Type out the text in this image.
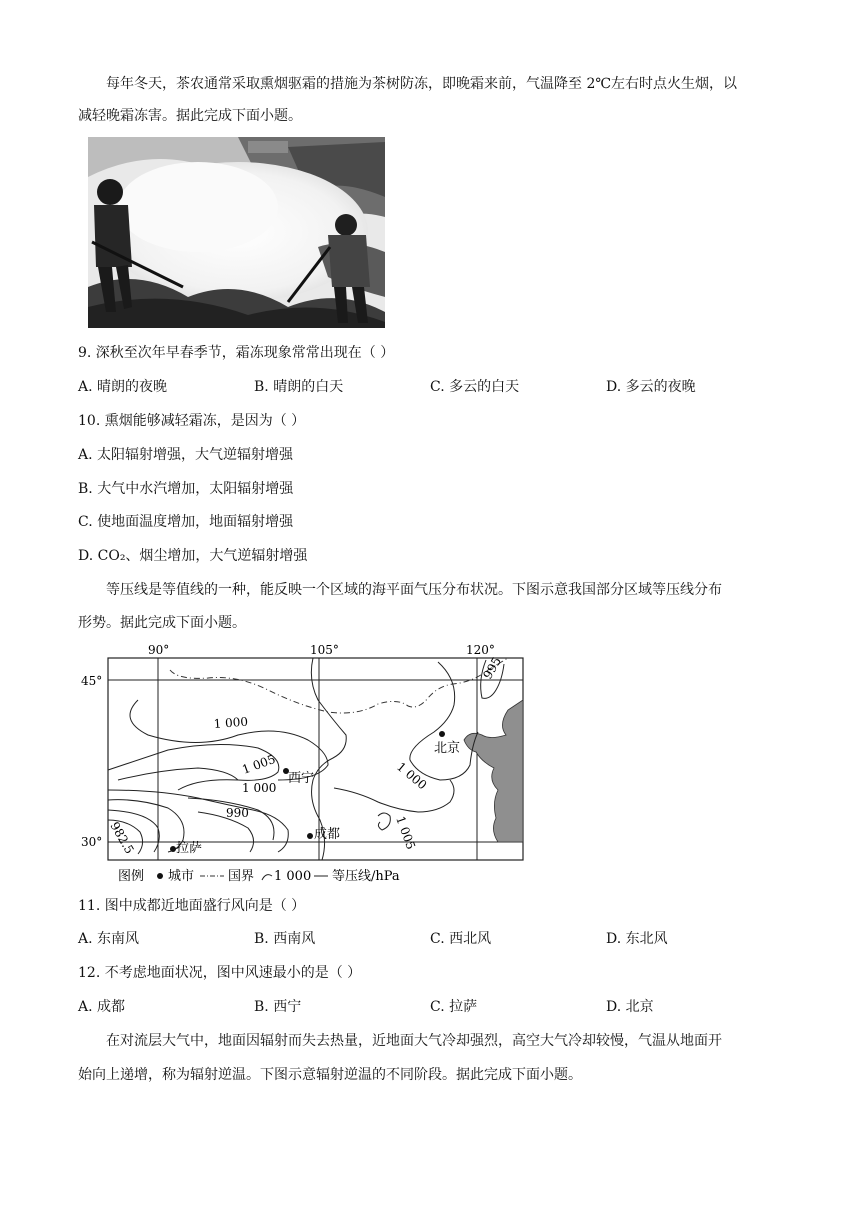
每年冬天，茶农通常采取熏烟驱霜的措施为茶树防冻，即晚霜来前，气温降至 2℃左右时点火生烟，以
减轻晚霜冻害。据此完成下面小题。
9. 深秋至次年早春季节，霜冻现象常常出现在（ ）
A. 晴朗的夜晚	B. 晴朗的白天	C. 多云的白天	D. 多云的夜晚
10. 熏烟能够减轻霜冻，是因为（ ）
A. 太阳辐射增强，大气逆辐射增强
B. 大气中水汽增加，太阳辐射增强
C. 使地面温度增加，地面辐射增强
D. CO₂、烟尘增加，大气逆辐射增强
等压线是等值线的一种，能反映一个区域的海平面气压分布状况。下图示意我国部分区域等压线分布
形势。据此完成下面小题。
90°	105°	120°
45°
30°
1 000
1 005
1 000
990
982.5
1 000
1 005
995
北京
西宁
成都
拉萨
图例 城市	国界 1 000 等压线/hPa
11. 图中成都近地面盛行风向是（ ）
A. 东南风	B. 西南风	C. 西北风	D. 东北风
12. 不考虑地面状况，图中风速最小的是（ ）
A. 成都	B. 西宁	C. 拉萨	D. 北京
在对流层大气中，地面因辐射而失去热量，近地面大气冷却强烈，高空大气冷却较慢，气温从地面开
始向上递增，称为辐射逆温。下图示意辐射逆温的不同阶段。据此完成下面小题。
